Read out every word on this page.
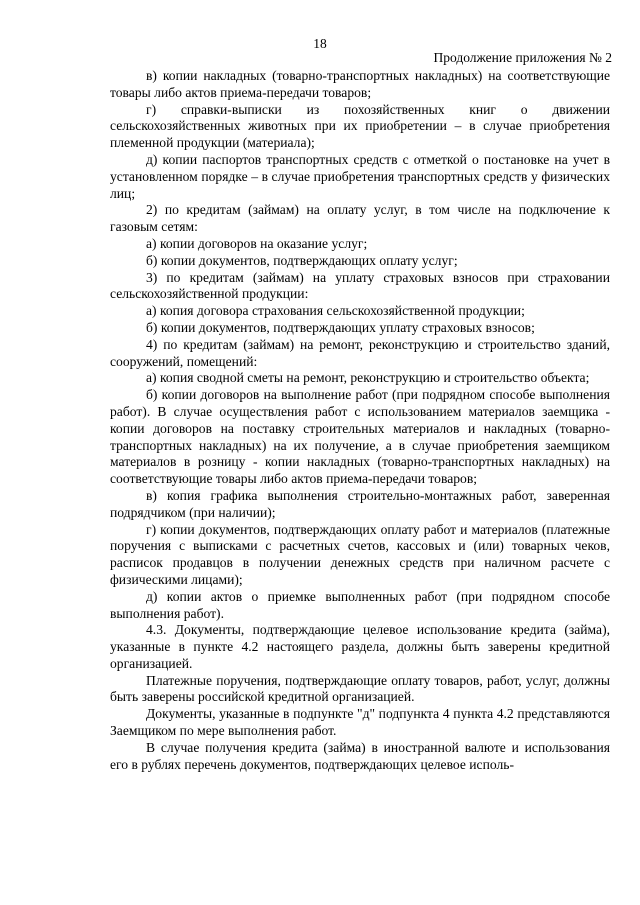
18
Продолжение приложения № 2

в) копии накладных (товарно-транспортных накладных) на соответствующие товары либо актов приема-передачи товаров;

г) справки-выписки из похозяйственных книг о движении сельскохозяйственных животных при их приобретении – в случае приобретения племенной продукции (материала);

д) копии паспортов транспортных средств с отметкой о постановке на учет в установленном порядке – в случае приобретения транспортных средств у физических лиц;

2) по кредитам (займам) на оплату услуг, в том числе на подключение к газовым сетям:

а) копии договоров на оказание услуг;

б) копии документов, подтверждающих оплату услуг;

3) по кредитам (займам) на уплату страховых взносов при страховании сельскохозяйственной продукции:

а) копия договора страхования сельскохозяйственной продукции;

б) копии документов, подтверждающих уплату страховых взносов;

4) по кредитам (займам) на ремонт, реконструкцию и строительство зданий, сооружений, помещений:

а) копия сводной сметы на ремонт, реконструкцию и строительство объекта;

б) копии договоров на выполнение работ (при подрядном способе выполнения работ). В случае осуществления работ с использованием материалов заемщика - копии договоров на поставку строительных материалов и накладных (товарно-транспортных накладных) на их получение, а в случае приобретения заемщиком материалов в розницу - копии накладных (товарно-транспортных накладных) на соответствующие товары либо актов приема-передачи товаров;

в) копия графика выполнения строительно-монтажных работ, заверенная подрядчиком (при наличии);

г) копии документов, подтверждающих оплату работ и материалов (платежные поручения с выписками с расчетных счетов, кассовых и (или) товарных чеков, расписок продавцов в получении денежных средств при наличном расчете с физическими лицами);

д) копии актов о приемке выполненных работ (при подрядном способе выполнения работ).

4.3. Документы, подтверждающие целевое использование кредита (займа), указанные в пункте 4.2 настоящего раздела, должны быть заверены кредитной организацией.

Платежные поручения, подтверждающие оплату товаров, работ, услуг, должны быть заверены российской кредитной организацией.

Документы, указанные в подпункте "д" подпункта 4 пункта 4.2 представляются Заемщиком по мере выполнения работ.

В случае получения кредита (займа) в иностранной валюте и использования его в рублях перечень документов, подтверждающих целевое исполь-
